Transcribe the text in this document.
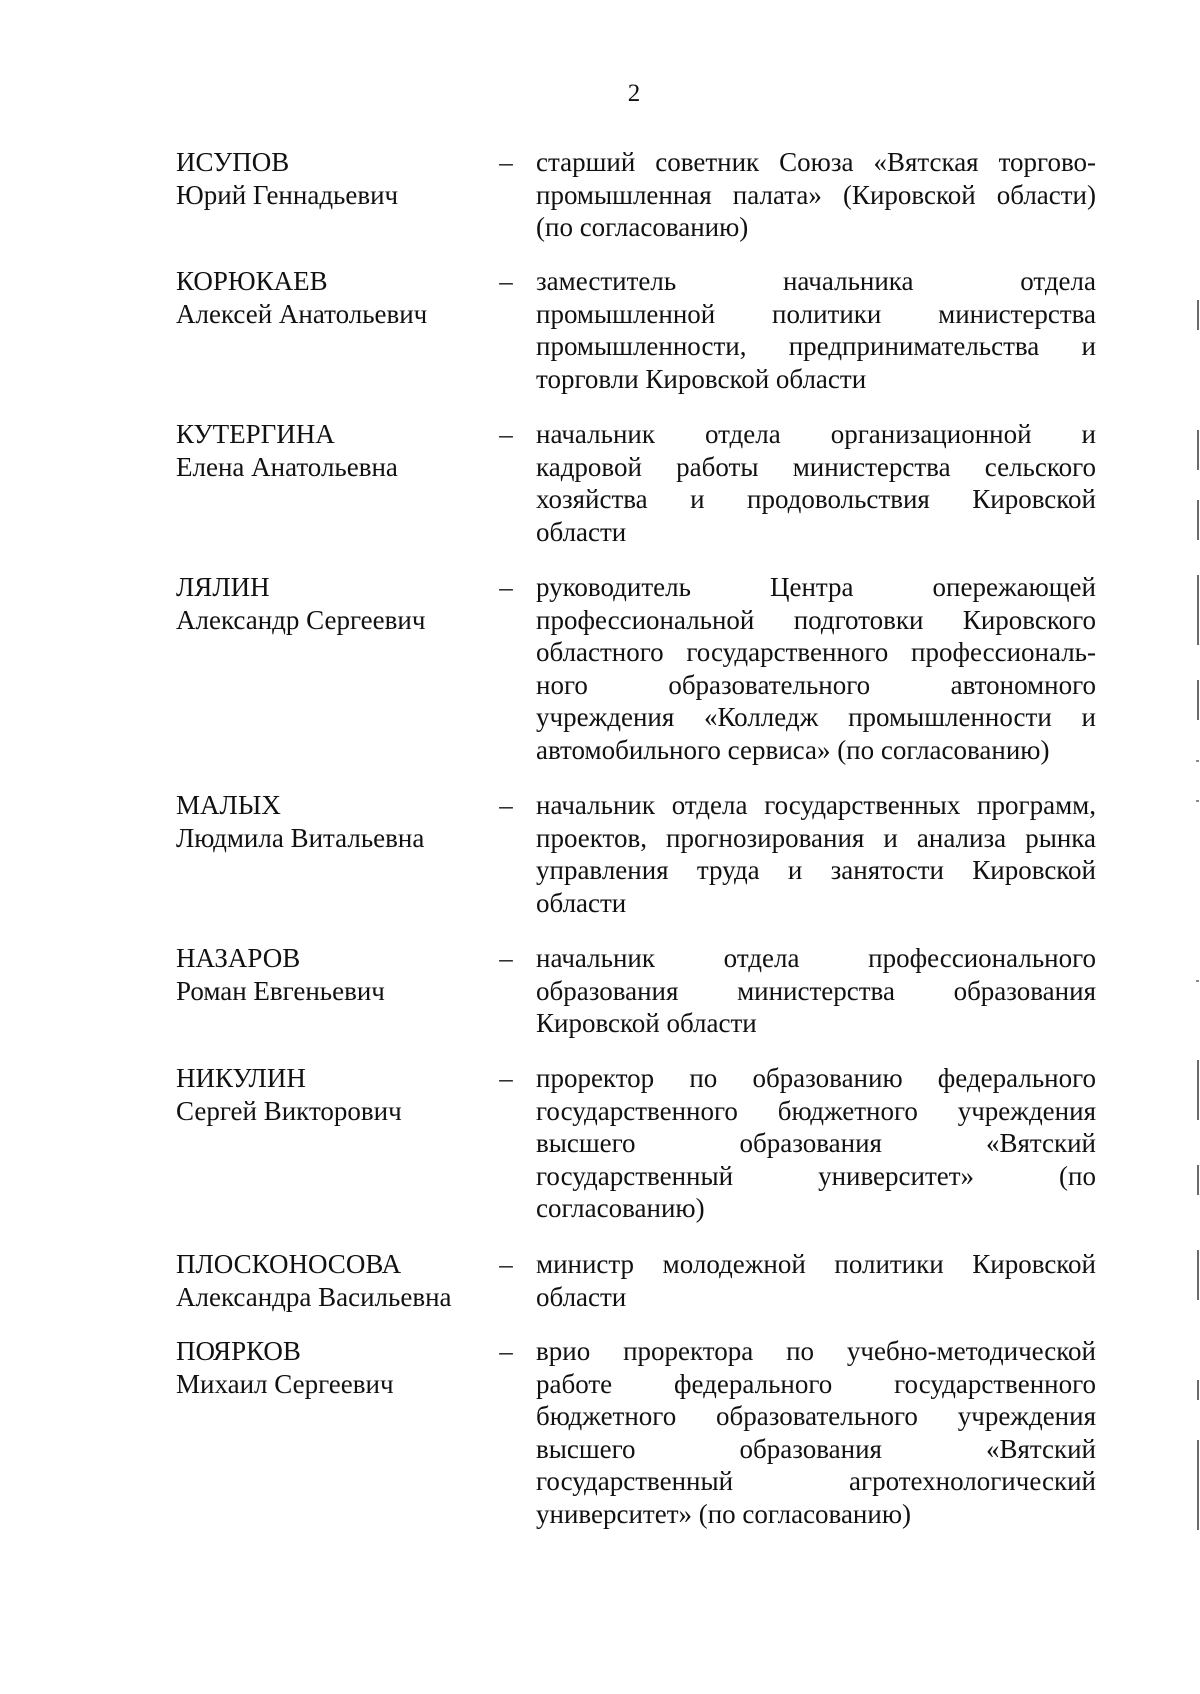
2
ИСУПОВ
Юрий Геннадьевич
– старший советник Союза «Вятская торгово-
промышленная палата» (Кировской области)
(по согласованию)
КОРЮКАЕВ
Алексей Анатольевич
– заместитель начальника отдела
промышленной политики министерства
промышленности, предпринимательства и
торговли Кировской области
КУТЕРГИНА
Елена Анатольевна
– начальник отдела организационной и
кадровой работы министерства сельского
хозяйства и продовольствия Кировской
области
ЛЯЛИН
Александр Сергеевич
– руководитель Центра опережающей
профессиональной подготовки Кировского
областного государственного профессиональ-
ного образовательного автономного
учреждения «Колледж промышленности и
автомобильного сервиса» (по согласованию)
МАЛЫХ
Людмила Витальевна
– начальник отдела государственных программ,
проектов, прогнозирования и анализа рынка
управления труда и занятости Кировской
области
НАЗАРОВ
Роман Евгеньевич
– начальник отдела профессионального
образования министерства образования
Кировской области
НИКУЛИН
Сергей Викторович
– проректор по образованию федерального
государственного бюджетного учреждения
высшего образования «Вятский
государственный университет» (по
согласованию)
ПЛОСКОНОСОВА
Александра Васильевна
– министр молодежной политики Кировской
области
ПОЯРКОВ
Михаил Сергеевич
– врио проректора по учебно-методической
работе федерального государственного
бюджетного образовательного учреждения
высшего образования «Вятский
государственный агротехнологический
университет» (по согласованию)
